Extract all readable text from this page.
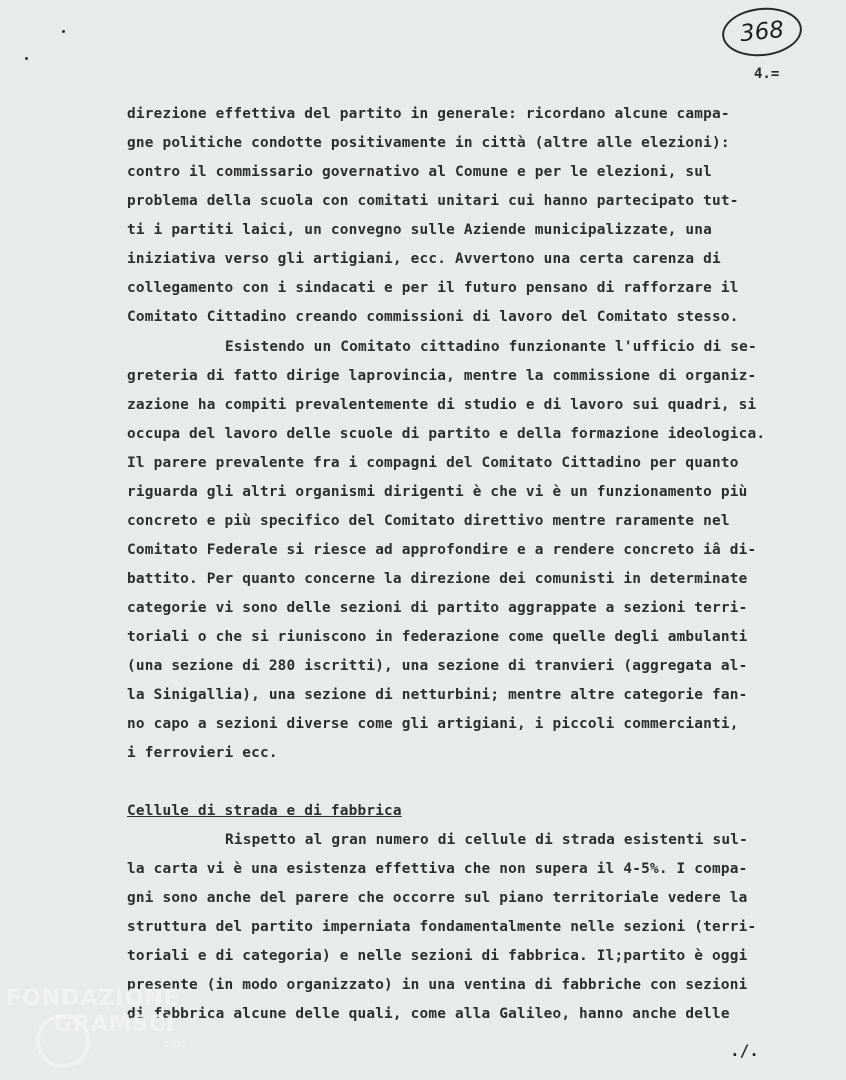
368
4.=
direzione effettiva del partito in generale: ricordano alcune campa-
gne politiche condotte positivamente in città (altre alle elezioni):
contro il commissario governativo al Comune e per le elezioni, sul
problema della scuola con comitati unitari cui hanno partecipato tut-
ti i partiti laici, un convegno sulle Aziende municipalizzate, una
iniziativa verso gli artigiani, ecc. Avvertono una certa carenza di
collegamento con i sindacati e per il futuro pensano di rafforzare il
Comitato Cittadino creando commissioni di lavoro del Comitato stesso.
Esistendo un Comitato cittadino funzionante l'ufficio di se-
greteria di fatto dirige laprovincia, mentre la commissione di organiz-
zazione ha compiti prevalentemente di studio e di lavoro sui quadri, si
occupa del lavoro delle scuole di partito e della formazione ideologica.
Il parere prevalente fra i compagni del Comitato Cittadino per quanto
riguarda gli altri organismi dirigenti è che vi è un funzionamento più
concreto e più specifico del Comitato direttivo mentre raramente nel
Comitato Federale si riesce ad approfondire e a rendere concreto iâ di-
battito. Per quanto concerne la direzione dei comunisti in determinate
categorie vi sono delle sezioni di partito aggrappate a sezioni terri-
toriali o che si riuniscono in federazione come quelle degli ambulanti
(una sezione di 280 iscritti), una sezione di tranvieri (aggregata al-
la Sinigallia), una sezione di netturbini; mentre altre categorie fan-
no capo a sezioni diverse come gli artigiani, i piccoli commercianti,
i ferrovieri ecc.
Cellule di strada e di fabbrica
Rispetto al gran numero di cellule di strada esistenti sul-
la carta vi è una esistenza effettiva che non supera il 4-5%. I compa-
gni sono anche del parere che occorre sul piano territoriale vedere la
struttura del partito imperniata fondamentalmente nelle sezioni (terri-
toriali e di categoria) e nelle sezioni di fabbrica. Il;partito è oggi
presente (in modo organizzato) in una ventina di fabbriche con sezioni
di fabbrica alcune delle quali, come alla Galileo, hanno anche delle
./.
FONDAZIONE
GRAMSCI
1950
